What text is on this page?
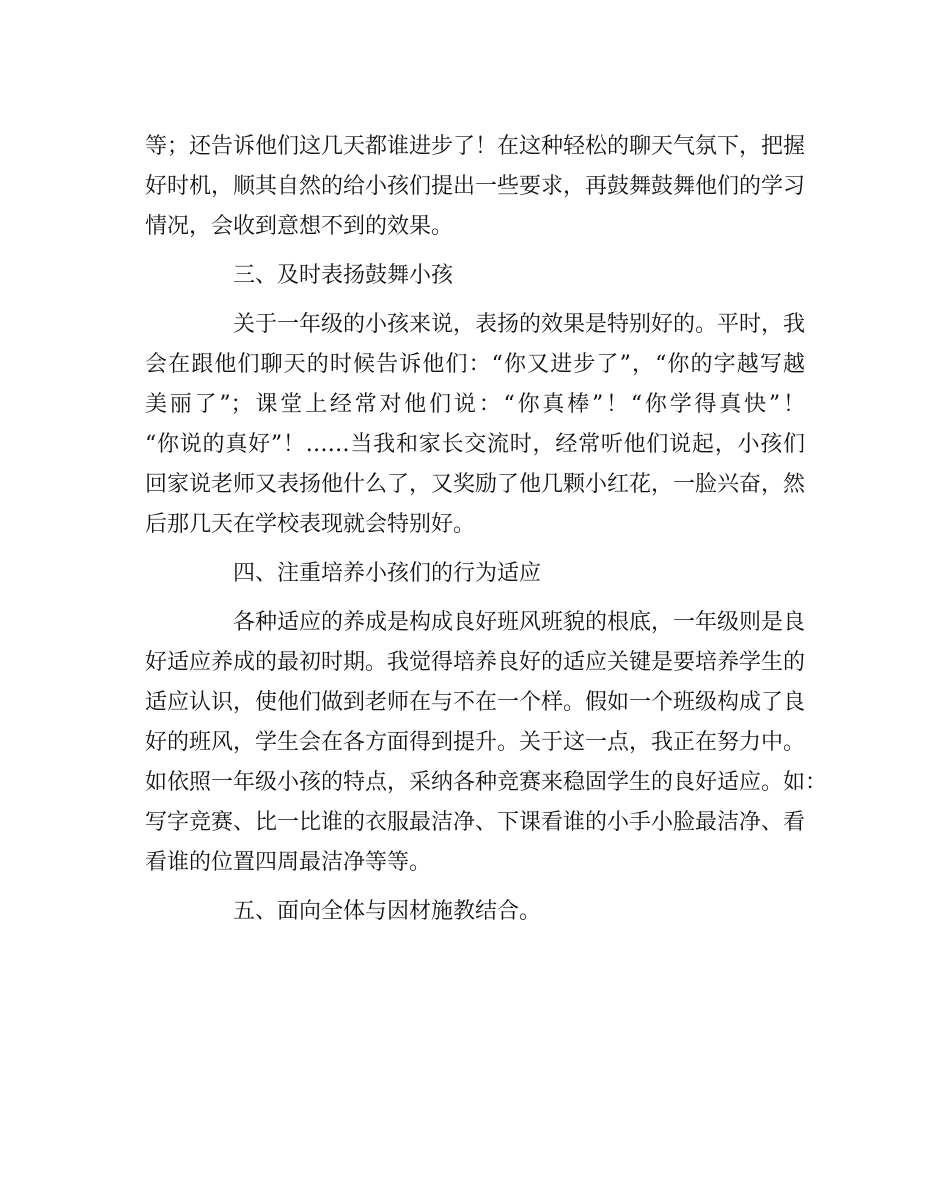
等；还告诉他们这几天都谁进步了！在这种轻松的聊天气氛下，把握
好时机，顺其自然的给小孩们提出一些要求，再鼓舞鼓舞他们的学习
情况，会收到意想不到的效果。
三、及时表扬鼓舞小孩
关于一年级的小孩来说，表扬的效果是特别好的。平时，我
会在跟他们聊天的时候告诉他们：“你又进步了”，“你的字越写越
美丽了”；课堂上经常对他们说：“你真棒”！“你学得真快”！
“你说的真好”！……当我和家长交流时，经常听他们说起，小孩们
回家说老师又表扬他什么了，又奖励了他几颗小红花，一脸兴奋，然
后那几天在学校表现就会特别好。
四、注重培养小孩们的行为适应
各种适应的养成是构成良好班风班貌的根底，一年级则是良
好适应养成的最初时期。我觉得培养良好的适应关键是要培养学生的
适应认识，使他们做到老师在与不在一个样。假如一个班级构成了良
好的班风，学生会在各方面得到提升。关于这一点，我正在努力中。
如依照一年级小孩的特点，采纳各种竞赛来稳固学生的良好适应。如：
写字竞赛、比一比谁的衣服最洁净、下课看谁的小手小脸最洁净、看
看谁的位置四周最洁净等等。
五、面向全体与因材施教结合。
